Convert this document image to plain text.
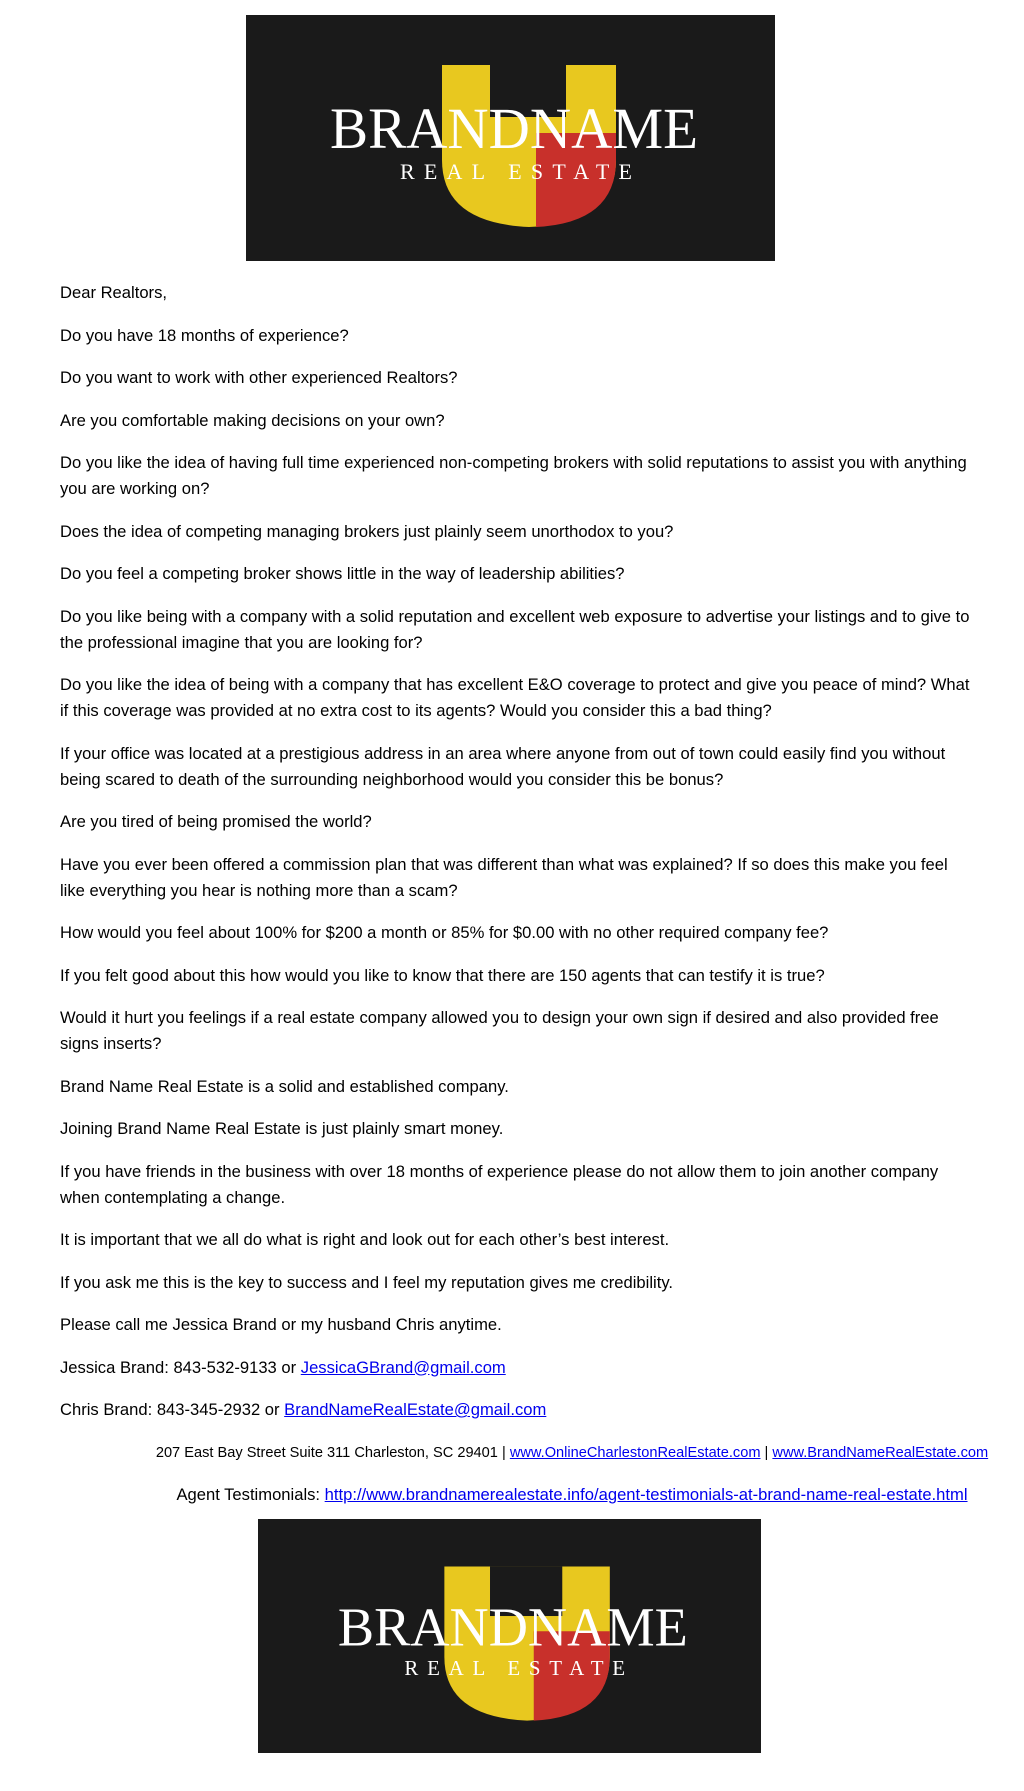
BRANDNAME
REAL ESTATE

Dear Realtors,

Do you have 18 months of experience?

Do you want to work with other experienced Realtors?

Are you comfortable making decisions on your own?

Do you like the idea of having full time experienced non-competing brokers with solid reputations to assist you with anything you are working on?

Does the idea of competing managing brokers just plainly seem unorthodox to you?

Do you feel a competing broker shows little in the way of leadership abilities?

Do you like being with a company with a solid reputation and excellent web exposure to advertise your listings and to give to the professional imagine that you are looking for?

Do you like the idea of being with a company that has excellent E&O coverage to protect and give you peace of mind? What if this coverage was provided at no extra cost to its agents? Would you consider this a bad thing?

If your office was located at a prestigious address in an area where anyone from out of town could easily find you without being scared to death of the surrounding neighborhood would you consider this be bonus?

Are you tired of being promised the world?

Have you ever been offered a commission plan that was different than what was explained? If so does this make you feel like everything you hear is nothing more than a scam?

How would you feel about 100% for $200 a month or 85% for $0.00 with no other required company fee?

If you felt good about this how would you like to know that there are 150 agents that can testify it is true?

Would it hurt you feelings if a real estate company allowed you to design your own sign if desired and also provided free signs inserts?

Brand Name Real Estate is a solid and established company.

Joining Brand Name Real Estate is just plainly smart money.

If you have friends in the business with over 18 months of experience please do not allow them to join another company when contemplating a change.

It is important that we all do what is right and look out for each other’s best interest.

If you ask me this is the key to success and I feel my reputation gives me credibility.

Please call me Jessica Brand or my husband Chris anytime.

Jessica Brand: 843-532-9133 or JessicaGBrand@gmail.com

Chris Brand: 843-345-2932 or BrandNameRealEstate@gmail.com

207 East Bay Street Suite 311 Charleston, SC 29401 | www.OnlineCharlestonRealEstate.com | www.BrandNameRealEstate.com

Agent Testimonials: http://www.brandnamerealestate.info/agent-testimonials-at-brand-name-real-estate.html

BRANDNAME
REAL ESTATE
